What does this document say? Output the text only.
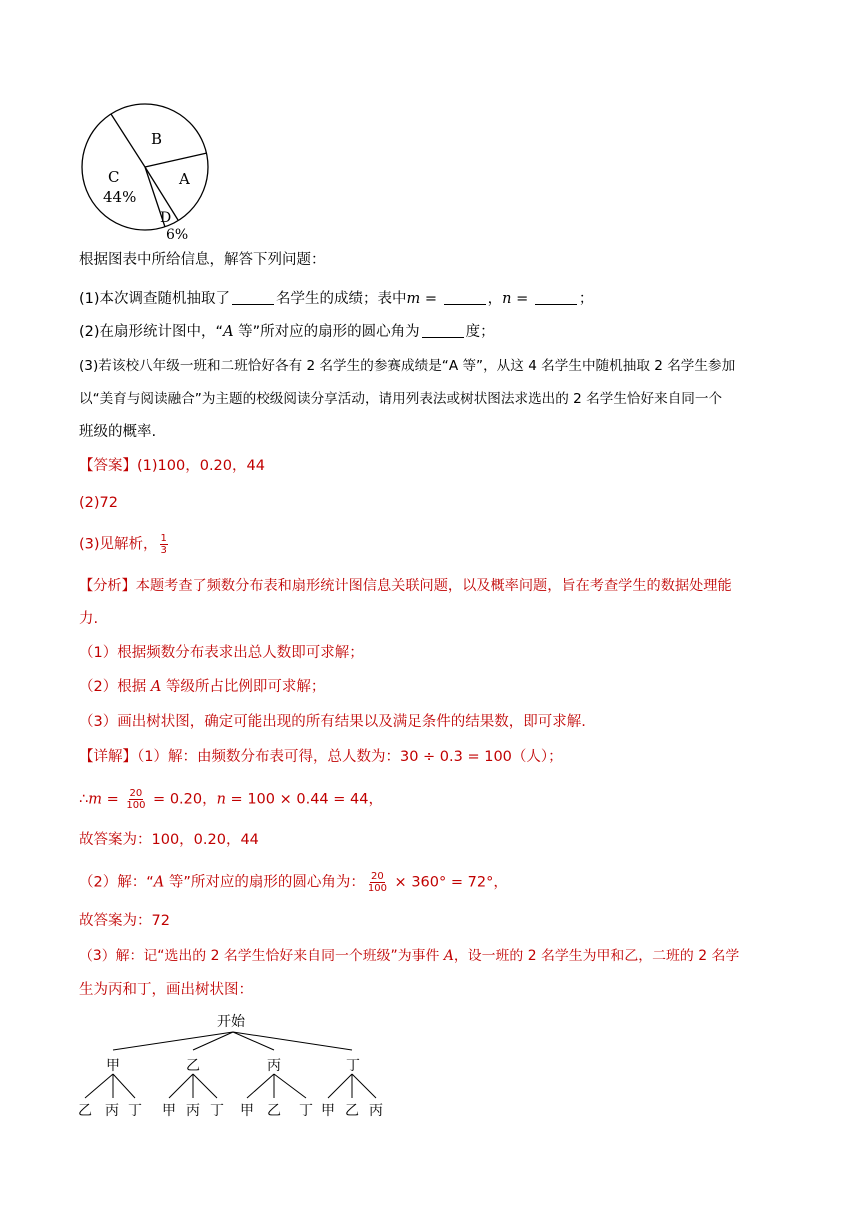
B
A
C
44%
D
6%
根据图表中所给信息，解答下列问题：
(1)本次调查随机抽取了	名学生的成绩；表中m =	，n =	；
(2)在扇形统计图中，“A 等”所对应的扇形的圆心角为	度；
(3)若该校八年级一班和二班恰好各有 2 名学生的参赛成绩是“A 等”，从这 4 名学生中随机抽取 2 名学生参加
以“美育与阅读融合”为主题的校级阅读分享活动，请用列表法或树状图法求选出的 2 名学生恰好来自同一个
班级的概率.
【答案】(1)100，0.20，44
(2)72
(3)见解析， $\frac{1}{3}$
【分析】本题考查了频数分布表和扇形统计图信息关联问题，以及概率问题，旨在考查学生的数据处理能
力.
（1）根据频数分布表求出总人数即可求解；
（2）根据 A 等级所占比例即可求解；
（3）画出树状图，确定可能出现的所有结果以及满足条件的结果数，即可求解.
【详解】（1）解：由频数分布表可得，总人数为：30 ÷ 0.3 = 100（人）；
∴m = $\frac{20}{100} = 0.20$，n = 100 × 0.44 = 44，
故答案为：100，0.20，44
（2）解：“A 等”所对应的扇形的圆心角为： $\frac{20}{100} \times 360^\circ = 72^\circ$，
故答案为：72
（3）解：记“选出的 2 名学生恰好来自同一个班级”为事件 A，设一班的 2 名学生为甲和乙，二班的 2 名学
生为丙和丁，画出树状图：
开始
甲	乙	丙	丁
乙 丙 丁 甲 丙 丁 甲 乙 丁 甲 乙 丙
